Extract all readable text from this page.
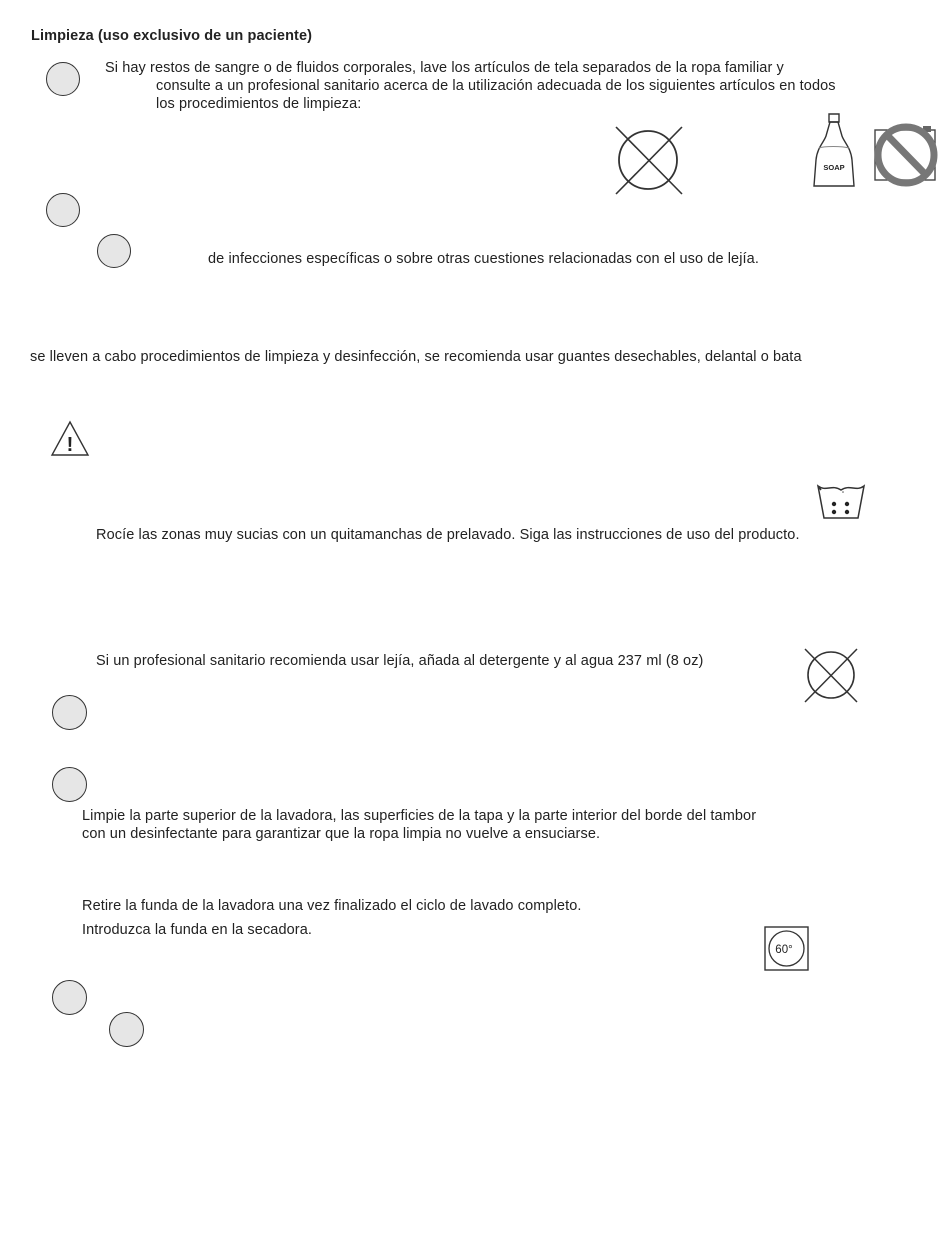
Limpieza (uso exclusivo de un paciente)
Si hay restos de sangre o de fluidos corporales, lave los artículos de tela separados de la ropa familiar y
consulte a un profesional sanitario acerca de la utilización adecuada de los siguientes artículos en todos
los procedimientos de limpieza:
SOAP
de infecciones específicas o sobre otras cuestiones relacionadas con el uso de lejía.
se lleven a cabo procedimientos de limpieza y desinfección, se recomienda usar guantes desechables, delantal o bata
!
Rocíe las zonas muy sucias con un quitamanchas de prelavado. Siga las instrucciones de uso del producto.
Si un profesional sanitario recomienda usar lejía, añada al detergente y al agua 237 ml (8 oz)
Limpie la parte superior de la lavadora, las superficies de la tapa y la parte interior del borde del tambor
con un desinfectante para garantizar que la ropa limpia no vuelve a ensuciarse.
Retire la funda de la lavadora una vez finalizado el ciclo de lavado completo.
Introduzca la funda en la secadora.
60°
